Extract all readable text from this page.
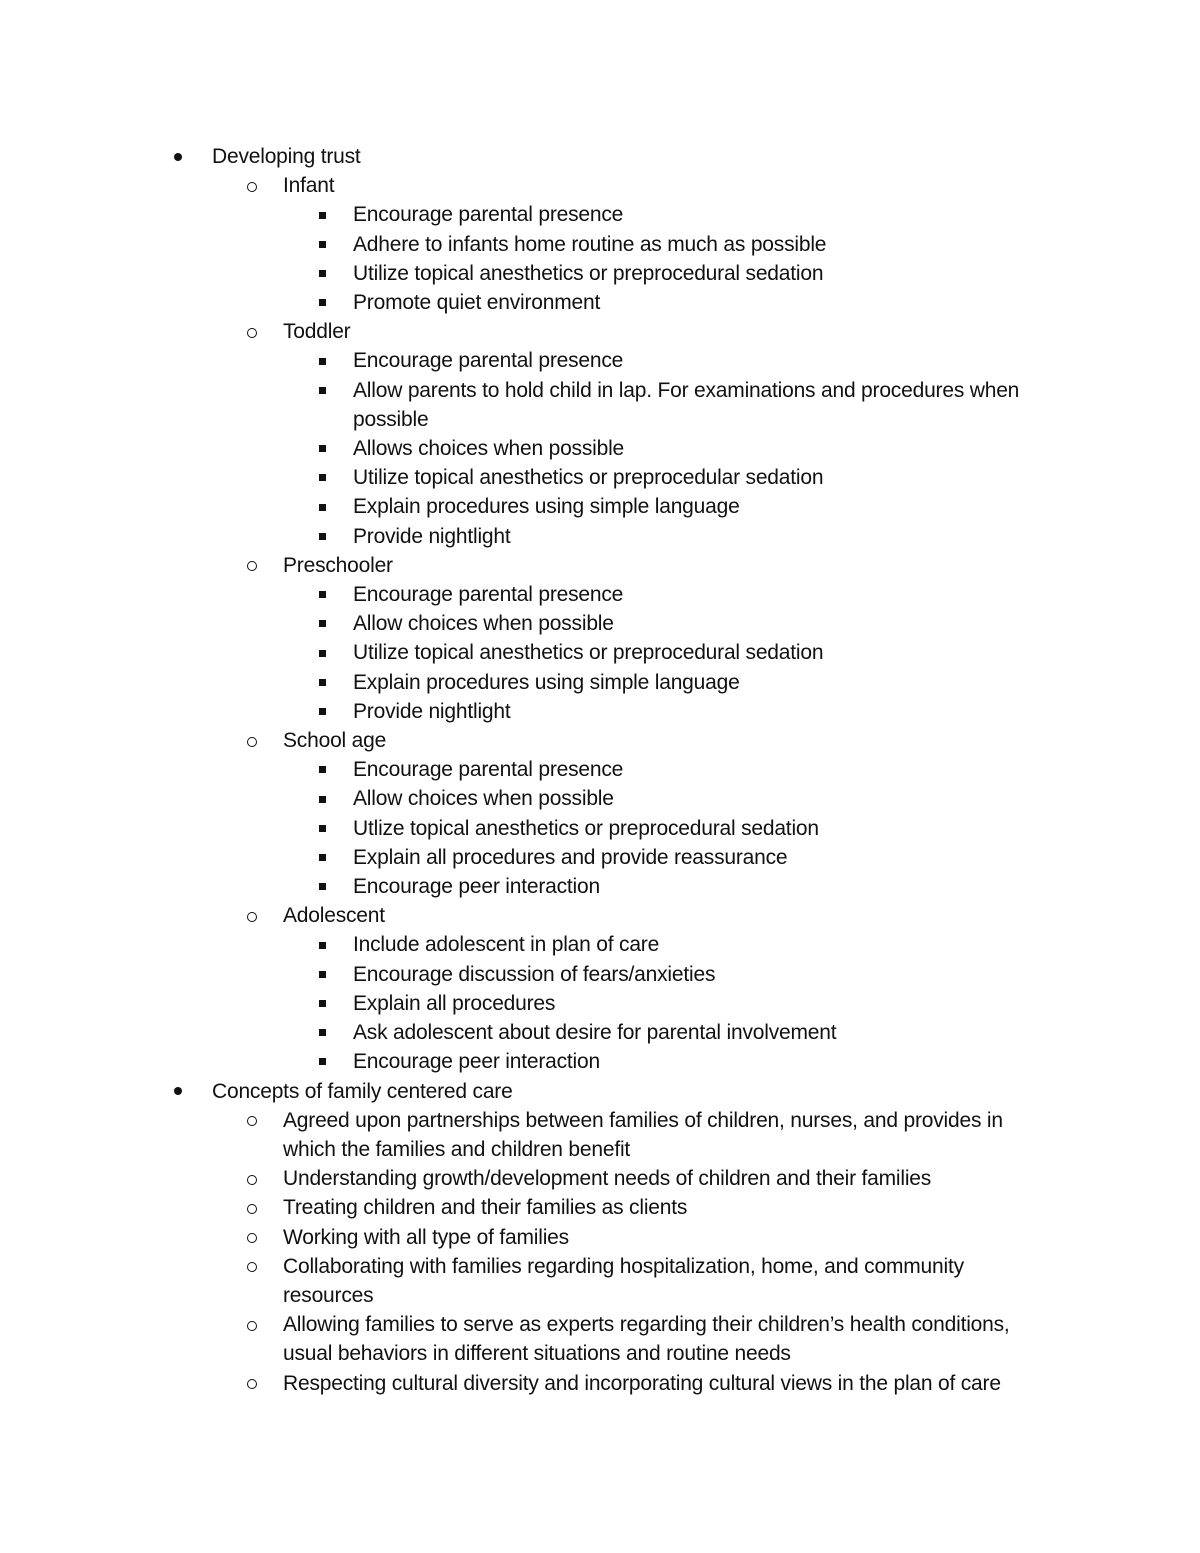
Developing trust
Infant
Encourage parental presence
Adhere to infants home routine as much as possible
Utilize topical anesthetics or preprocedural sedation
Promote quiet environment
Toddler
Encourage parental presence
Allow parents to hold child in lap. For examinations and procedures when possible
Allows choices when possible
Utilize topical anesthetics or preprocedular sedation
Explain procedures using simple language
Provide nightlight
Preschooler
Encourage parental presence
Allow choices when possible
Utilize topical anesthetics or preprocedural sedation
Explain procedures using simple language
Provide nightlight
School age
Encourage parental presence
Allow choices when possible
Utlize topical anesthetics or preprocedural sedation
Explain all procedures and provide reassurance
Encourage peer interaction
Adolescent
Include adolescent in plan of care
Encourage discussion of fears/anxieties
Explain all procedures
Ask adolescent about desire for parental involvement
Encourage peer interaction
Concepts of family centered care
Agreed upon partnerships between families of children, nurses, and provides in which the families and children benefit
Understanding growth/development needs of children and their families
Treating children and their families as clients
Working with all type of families
Collaborating with families regarding hospitalization, home, and community resources
Allowing families to serve as experts regarding their children’s health conditions, usual behaviors in different situations and routine needs
Respecting cultural diversity and incorporating cultural views in the plan of care
